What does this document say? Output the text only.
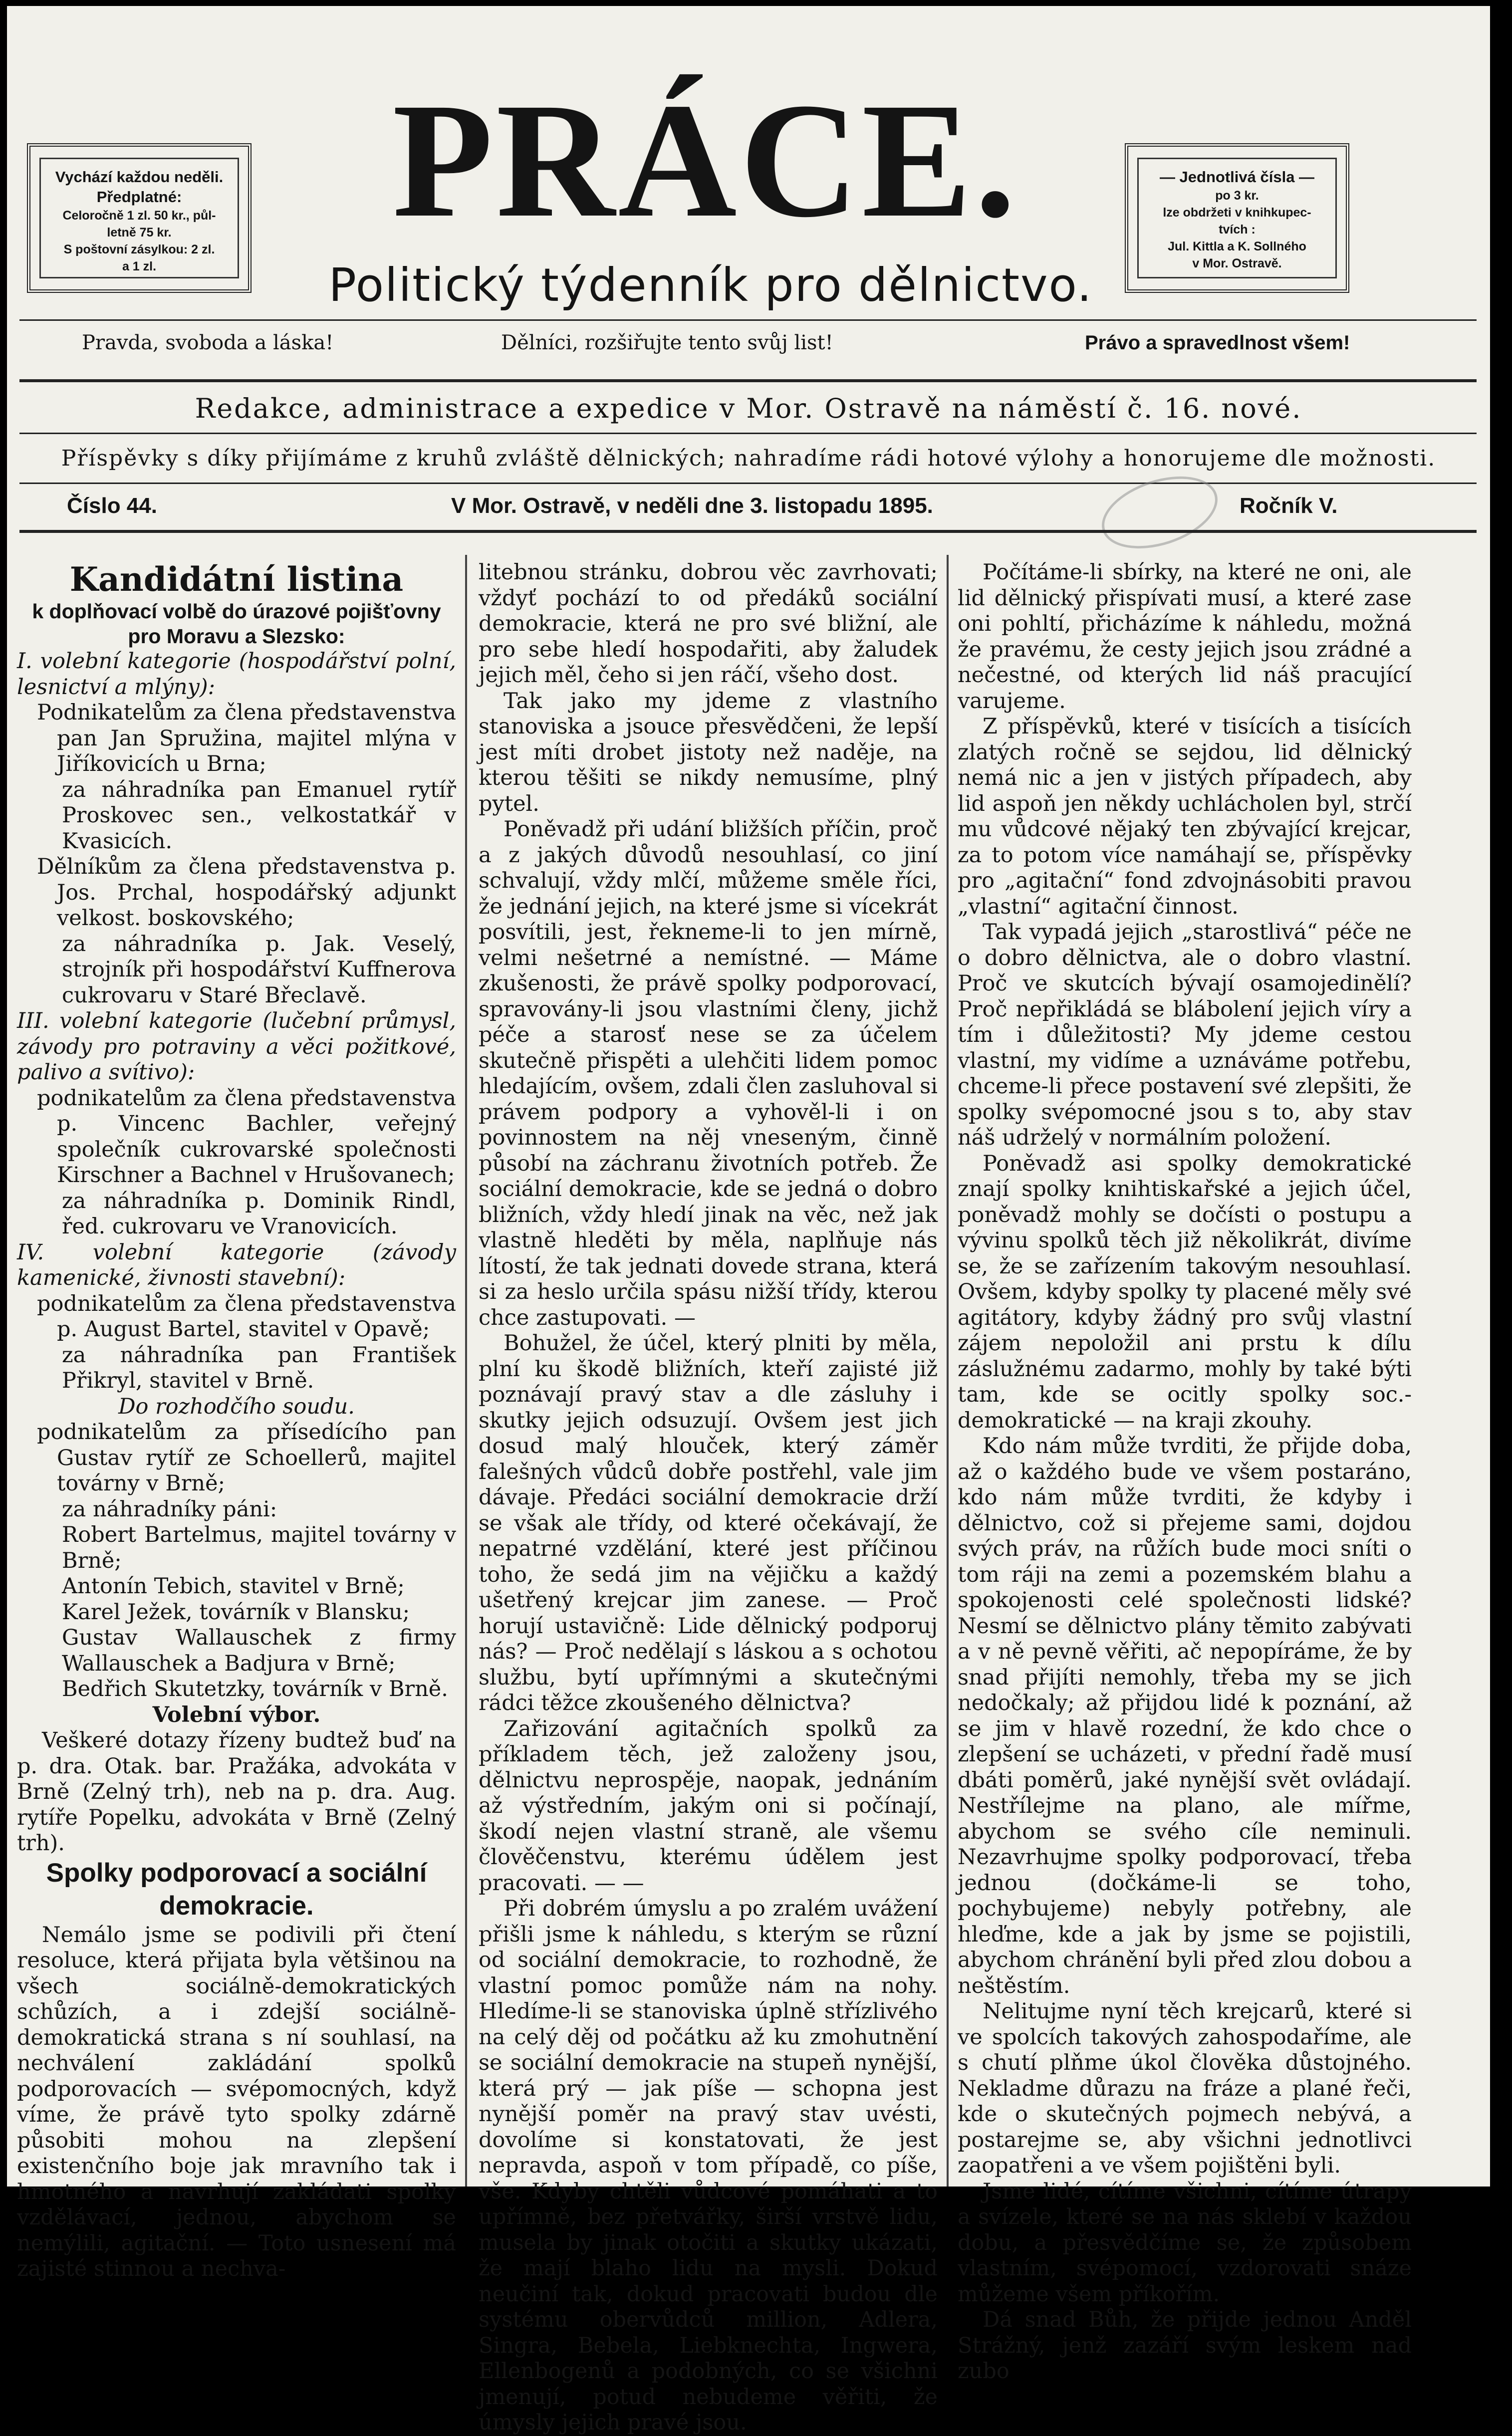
Vychází každou neděli.
Předplatné:
Celoročně 1 zl. 50 kr., půl-
letně 75 kr.
S poštovní zásylkou: 2 zl.
a 1 zl.
PRÁCE.
Politický týdenník pro dělnictvo.
— Jednotlivá čísla —
po 3 kr.
lze obdržeti v knihkupec-
tvích :
Jul. Kittla a K. Sollného
v Mor. Ostravě.
Pravda, svoboda a láska!	Dělníci, rozšiřujte tento svůj list!	Právo a spravedlnost všem!
Redakce, administrace a expedice v Mor. Ostravě na náměstí č. 16. nové.
Příspěvky s díky přijímáme z kruhů zvláště dělnických; nahradíme rádi hotové výlohy a honorujeme dle možnosti.
Číslo 44.	V Mor. Ostravě, v neděli dne 3. listopadu 1895.	Ročník V.

Kandidátní listina

k doplňovací volbě do úrazové pojišťovny pro Moravu a Slezsko:

I. volební kategorie (hospodářství polní, lesnictví a mlýny):

Podnikatelům za člena představenstva pan Jan Spružina, majitel mlýna v Jiříkovicích u Brna;

za náhradníka pan Emanuel rytíř Proskovec sen., velkostatkář v Kvasicích.

Dělníkům za člena představenstva p. Jos. Prchal, hospodářský adjunkt velkost. boskovského;

za náhradníka p. Jak. Veselý, strojník při hospodářství Kuffnerova cukrovaru v Staré Břeclavě.

III. volební kategorie (lučební průmysl, závody pro potraviny a věci požitkové, palivo a svítivo):

podnikatelům za člena představenstva p. Vincenc Bachler, veřejný společník cukrovarské společnosti Kirschner a Bachnel v Hrušovanech;

za náhradníka p. Dominik Rindl, řed. cukrovaru ve Vranovicích.

IV. volební kategorie (závody kamenické, živnosti stavební):

podnikatelům za člena představenstva p. August Bartel, stavitel v Opavě;

za náhradníka pan František Přikryl, stavitel v Brně.

Do rozhodčího soudu.

podnikatelům za přísedícího pan Gustav rytíř ze Schoellerů, majitel továrny v Brně;

za náhradníky páni:

Robert Bartelmus, majitel továrny v Brně;

Antonín Tebich, stavitel v Brně;

Karel Ježek, továrník v Blansku;

Gustav Wallauschek z firmy Wallauschek a Badjura v Brně;

Bedřich Skutetzky, továrník v Brně.

Volební výbor.

Veškeré dotazy řízeny budtež buď na p. dra. Otak. bar. Pražáka, advokáta v Brně (Zelný trh), neb na p. dra. Aug. rytíře Popelku, advokáta v Brně (Zelný trh).

Spolky podporovací a sociální demokracie.

Nemálo jsme se podivili při čtení resoluce, která přijata byla většinou na všech sociálně-demokratických schůzích, a i zdejší sociálně-demokratická strana s ní souhlasí, na nechválení zakládání spolků podporovacích — svépomocných, když víme, že právě tyto spolky zdárně působiti mohou na zlepšení existenčního boje jak mravního tak i hmotného a navrhují zakládati spolky vzdělávací, jednou, abychom se nemýlili, agitační. — Toto usnesení má zajisté stinnou a nechva-

litebnou stránku, dobrou věc zavrhovati; vždyť pochází to od předáků sociální demokracie, která ne pro své bližní, ale pro sebe hledí hospodařiti, aby žaludek jejich měl, čeho si jen ráčí, všeho dost.

Tak jako my jdeme z vlastního stanoviska a jsouce přesvědčeni, že lepší jest míti drobet jistoty než naděje, na kterou těšiti se nikdy nemusíme, plný pytel.

Poněvadž při udání bližších příčin, proč a z jakých důvodů nesouhlasí, co jiní schvalují, vždy mlčí, můžeme směle říci, že jednání jejich, na které jsme si vícekrát posvítili, jest, řekneme-li to jen mírně, velmi nešetrné a nemístné. — Máme zkušenosti, že právě spolky podporovací, spravovány-li jsou vlastními členy, jichž péče a starosť nese se za účelem skutečně přispěti a ulehčiti lidem pomoc hledajícím, ovšem, zdali člen zasluhoval si právem podpory a vyhověl-li i on povinnostem na něj vneseným, činně působí na záchranu životních potřeb. Že sociální demokracie, kde se jedná o dobro bližních, vždy hledí jinak na věc, než jak vlastně hleděti by měla, naplňuje nás lítostí, že tak jednati dovede strana, která si za heslo určila spásu nižší třídy, kterou chce zastupovati. —

Bohužel, že účel, který plniti by měla, plní ku škodě bližních, kteří zajisté již poznávají pravý stav a dle zásluhy i skutky jejich odsuzují. Ovšem jest jich dosud malý hlouček, který záměr falešných vůdců dobře postřehl, vale jim dávaje. Předáci sociální demokracie drží se však ale třídy, od které očekávají, že nepatrné vzdělání, které jest příčinou toho, že sedá jim na vějičku a každý ušetřený krejcar jim zanese. — Proč horují ustavičně: Lide dělnický podporuj nás? — Proč nedělají s láskou a s ochotou službu, bytí upřímnými a skutečnými rádci těžce zkoušeného dělnictva?

Zařizování agitačních spolků za příkladem těch, jež založeny jsou, dělnictvu neprospěje, naopak, jednáním až výstředním, jakým oni si počínají, škodí nejen vlastní straně, ale všemu člověčenstvu, kterému údělem jest pracovati. — —

Při dobrém úmyslu a po zralém uvážení přišli jsme k náhledu, s kterým se různí od sociální demokracie, to rozhodně, že vlastní pomoc pomůže nám na nohy. Hledíme-li se stanoviska úplně střízlivého na celý děj od počátku až ku zmohutnění se sociální demokracie na stupeň nynější, která prý — jak píše — schopna jest nynější poměr na pravý stav uvésti, dovolíme si konstatovati, že jest nepravda, aspoň v tom případě, co píše, vše. Kdyby chtěli vůdcové pomáhati a to upřímně, bez přetvářky, širší vrstvě lidu, musela by jinak otočiti a skutky ukázati, že mají blaho lidu na mysli. Dokud neučiní tak, dokud pracovati budou dle systému obervůdců million, Adlera, Singra, Bebela, Liebknechta, Ingwera, Ellenbogenů a podobných, co se všichni jmenují, potud nebudeme věřiti, že úmysly jejich pravé jsou.

Počítáme-li sbírky, na které ne oni, ale lid dělnický přispívati musí, a které zase oni pohltí, přicházíme k náhledu, možná že pravému, že cesty jejich jsou zrádné a nečestné, od kterých lid náš pracující varujeme.

Z příspěvků, které v tisících a tisících zlatých ročně se sejdou, lid dělnický nemá nic a jen v jistých případech, aby lid aspoň jen někdy uchlácholen byl, strčí mu vůdcové nějaký ten zbývající krejcar, za to potom více namáhají se, příspěvky pro „agitační“ fond zdvojnásobiti pravou „vlastní“ agitační činnost.

Tak vypadá jejich „starostlivá“ péče ne o dobro dělnictva, ale o dobro vlastní. Proč ve skutcích bývají osamojedinělí? Proč nepřikládá se blábolení jejich víry a tím i důležitosti? My jdeme cestou vlastní, my vidíme a uznáváme potřebu, chceme-li přece postavení své zlepšiti, že spolky svépomocné jsou s to, aby stav náš udrželý v normálním položení.

Poněvadž asi spolky demokratické znají spolky knihtiskařské a jejich účel, poněvadž mohly se dočísti o postupu a vývinu spolků těch již několikrát, divíme se, že se zařízením takovým nesouhlasí. Ovšem, kdyby spolky ty placené měly své agitátory, kdyby žádný pro svůj vlastní zájem nepoložil ani prstu k dílu záslužnému zadarmo, mohly by také býti tam, kde se ocitly spolky soc.-demokratické — na kraji zkouhy.

Kdo nám může tvrditi, že přijde doba, až o každého bude ve všem postaráno, kdo nám může tvrditi, že kdyby i dělnictvo, což si přejeme sami, dojdou svých práv, na růžích bude moci sníti o tom ráji na zemi a pozemském blahu a spokojenosti celé společnosti lidské? Nesmí se dělnictvo plány těmito zabývati a v ně pevně věřiti, ač nepopíráme, že by snad přijíti nemohly, třeba my se jich nedočkaly; až přijdou lidé k poznání, až se jim v hlavě rozední, že kdo chce o zlepšení se ucházeti, v přední řadě musí dbáti poměrů, jaké nynější svět ovládají. Nestřílejme na plano, ale mířme, abychom se svého cíle neminuli. Nezavrhujme spolky podporovací, třeba jednou (dočkáme-li se toho, pochybujeme) nebyly potřebny, ale hleďme, kde a jak by jsme se pojistili, abychom chránění byli před zlou dobou a neštěstím.

Nelitujme nyní těch krejcarů, které si ve spolcích takových zahospodaříme, ale s chutí plňme úkol člověka důstojného. Nekladme důrazu na fráze a plané řeči, kde o skutečných pojmech nebývá, a postarejme se, aby všichni jednotlivci zaopatřeni a ve všem pojištěni byli.

Jsme lidé, cítíme všichni, cítíme útrapy a svízele, které se na nás sklebí v každou dobu, a přesvědčíme se, že způsobem vlastním, svépomocí, vzdorovati snáze můžeme všem příkořím.

Dá snad Bůh, že přijde jednou Anděl Strážný, jenž zazáří svým leskem nad zubo
